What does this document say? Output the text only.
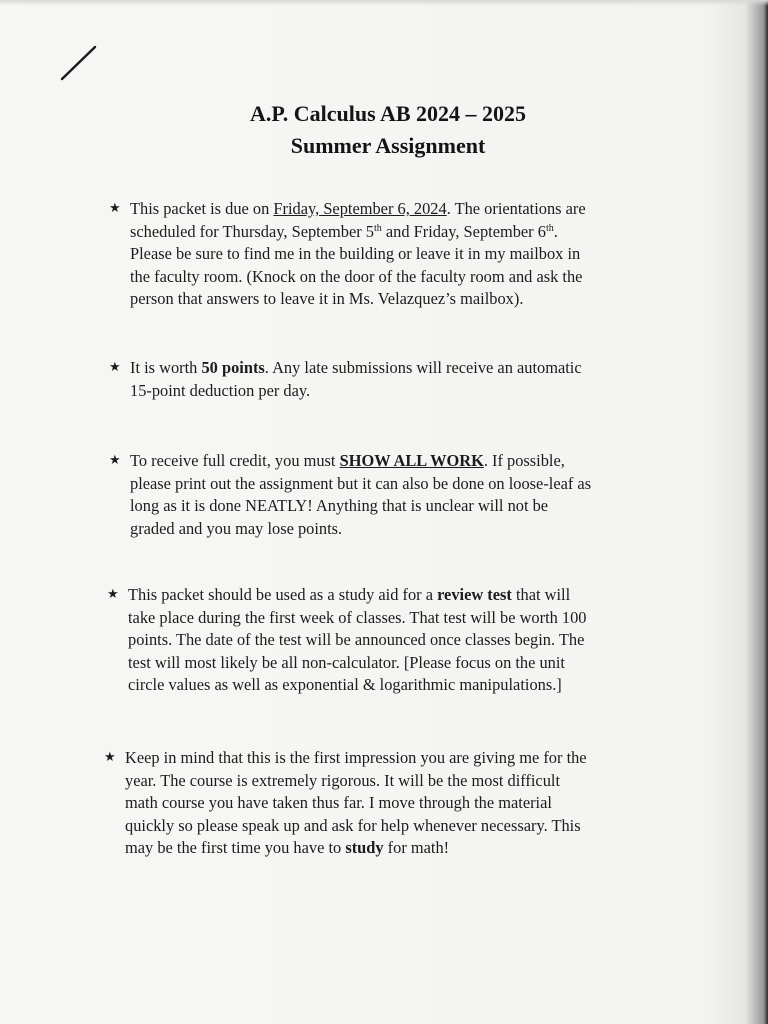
A.P. Calculus AB 2024 – 2025
Summer Assignment
★ This packet is due on Friday, September 6, 2024. The orientations are
scheduled for Thursday, September 5th and Friday, September 6th.
Please be sure to find me in the building or leave it in my mailbox in
the faculty room. (Knock on the door of the faculty room and ask the
person that answers to leave it in Ms. Velazquez’s mailbox).
★ It is worth 50 points. Any late submissions will receive an automatic
15-point deduction per day.
★ To receive full credit, you must SHOW ALL WORK. If possible,
please print out the assignment but it can also be done on loose-leaf as
long as it is done NEATLY! Anything that is unclear will not be
graded and you may lose points.
★ This packet should be used as a study aid for a review test that will
take place during the first week of classes. That test will be worth 100
points. The date of the test will be announced once classes begin. The
test will most likely be all non-calculator. [Please focus on the unit
circle values as well as exponential & logarithmic manipulations.]
★ Keep in mind that this is the first impression you are giving me for the
year. The course is extremely rigorous. It will be the most difficult
math course you have taken thus far. I move through the material
quickly so please speak up and ask for help whenever necessary. This
may be the first time you have to study for math!
